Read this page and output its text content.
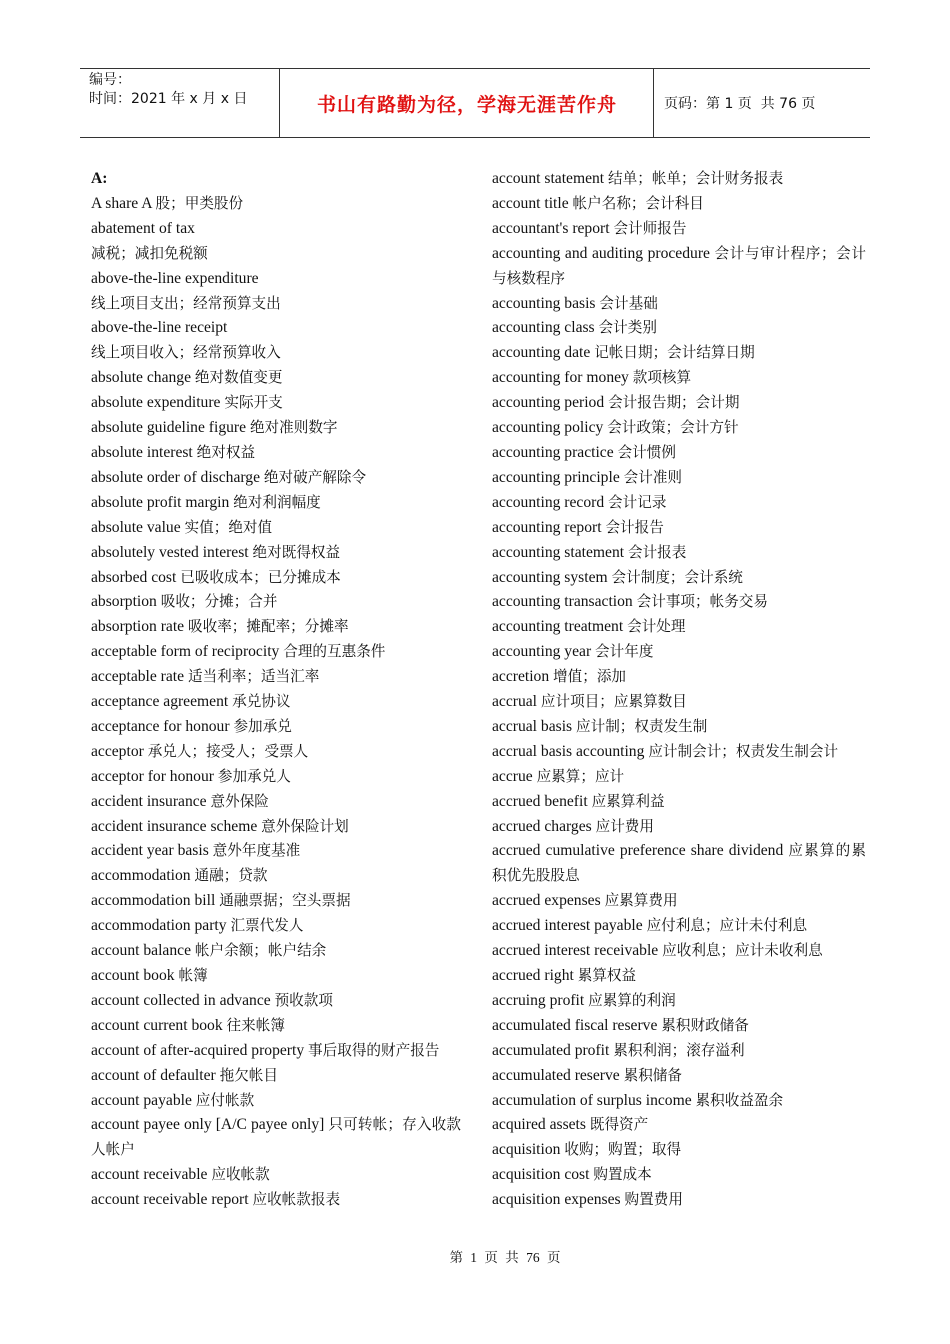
编号：
时间：2021 年 x 月 x 日	书山有路勤为径，学海无涯苦作舟	页码：第 1 页  共 76 页
A:
A share A 股；甲类股份
abatement of tax
减税；减扣免税额
above-the-line expenditure
线上项目支出；经常预算支出
above-the-line receipt
线上项目收入；经常预算收入
absolute change 绝对数值变更
absolute expenditure 实际开支
absolute guideline figure 绝对准则数字
absolute interest 绝对权益
absolute order of discharge 绝对破产解除令
absolute profit margin 绝对利润幅度
absolute value 实值；绝对值
absolutely vested interest 绝对既得权益
absorbed cost 已吸收成本；已分摊成本
absorption 吸收；分摊；合并
absorption rate 吸收率；摊配率；分摊率
acceptable form of reciprocity 合理的互惠条件
acceptable rate 适当利率；适当汇率
acceptance agreement 承兑协议
acceptance for honour 参加承兑
acceptor 承兑人；接受人；受票人
acceptor for honour 参加承兑人
accident insurance 意外保险
accident insurance scheme 意外保险计划
accident year basis 意外年度基准
accommodation 通融；贷款
accommodation bill 通融票据；空头票据
accommodation party 汇票代发人
account balance 帐户余额；帐户结余
account book 帐簿
account collected in advance 预收款项
account current book 往来帐簿
account of after-acquired property 事后取得的财产报告
account of defaulter 拖欠帐目
account payable 应付帐款
account payee only [A/C payee only] 只可转帐；存入收款人帐户
account receivable 应收帐款
account receivable report 应收帐款报表
account statement 结单；帐单；会计财务报表
account title 帐户名称；会计科目
accountant's report 会计师报告
accounting and auditing procedure 会计与审计程序；会计与核数程序
accounting basis 会计基础
accounting class 会计类别
accounting date 记帐日期；会计结算日期
accounting for money 款项核算
accounting period 会计报告期；会计期
accounting policy 会计政策；会计方针
accounting practice 会计惯例
accounting principle 会计准则
accounting record 会计记录
accounting report 会计报告
accounting statement 会计报表
accounting system 会计制度；会计系统
accounting transaction 会计事项；帐务交易
accounting treatment 会计处理
accounting year 会计年度
accretion 增值；添加
accrual 应计项目；应累算数目
accrual basis 应计制；权责发生制
accrual basis accounting 应计制会计；权责发生制会计
accrue 应累算；应计
accrued benefit 应累算利益
accrued charges 应计费用
accrued cumulative preference share dividend 应累算的累积优先股股息
accrued expenses 应累算费用
accrued interest payable 应付利息；应计未付利息
accrued interest receivable 应收利息；应计未收利息
accrued right 累算权益
accruing profit 应累算的利润
accumulated fiscal reserve 累积财政储备
accumulated profit 累积利润；滚存溢利
accumulated reserve 累积储备
accumulation of surplus income 累积收益盈余
acquired assets 既得资产
acquisition 收购；购置；取得
acquisition cost 购置成本
acquisition expenses 购置费用
第 1 页 共 76 页
